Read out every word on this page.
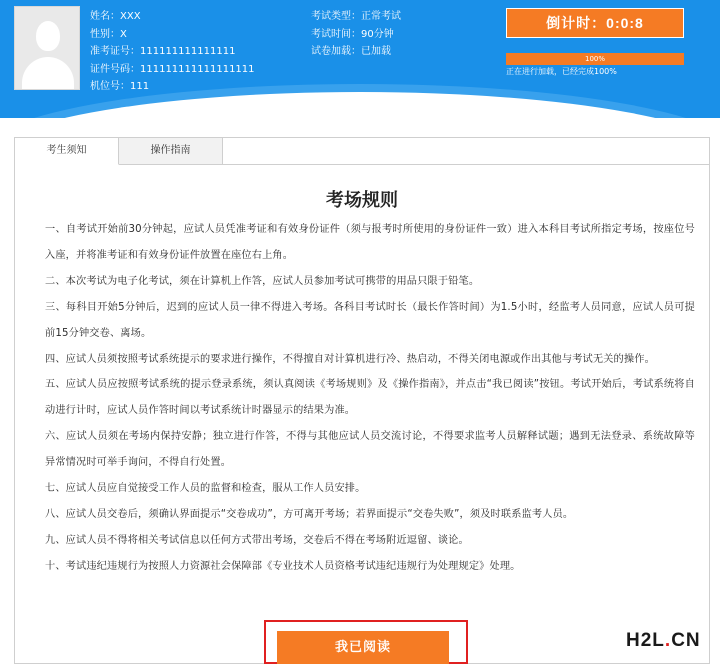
姓名：XXX
性别：X
准考证号：111111111111111
证件号码：111111111111111111
机位号：111
考试类型：正常考试
考试时间：90分钟
试卷加载：已加载
倒计时：0:0:8
100%
正在进行加载，已经完成100%
考生须知	操作指南
考场规则

一、自考试开始前30分钟起，应试人员凭准考证和有效身份证件（须与报考时所使用的身份证件一致）进入本科目考试所指定考场，按座位号入座，并将准考证和有效身份证件放置在座位右上角。

二、本次考试为电子化考试，须在计算机上作答，应试人员参加考试可携带的用品只限于铅笔。

三、每科目开始5分钟后，迟到的应试人员一律不得进入考场。各科目考试时长（最长作答时间）为1.5小时，经监考人员同意，应试人员可提前15分钟交卷、离场。

四、应试人员须按照考试系统提示的要求进行操作，不得擅自对计算机进行冷、热启动，不得关闭电源或作出其他与考试无关的操作。

五、应试人员应按照考试系统的提示登录系统，须认真阅读《考场规则》及《操作指南》，并点击“我已阅读”按钮。考试开始后，考试系统将自动进行计时，应试人员作答时间以考试系统计时器显示的结果为准。

六、应试人员须在考场内保持安静；独立进行作答，不得与其他应试人员交流讨论，不得要求监考人员解释试题；遇到无法登录、系统故障等异常情况时可举手询问，不得自行处置。

七、应试人员应自觉接受工作人员的监督和检查，服从工作人员安排。

八、应试人员交卷后，须确认界面提示“交卷成功”，方可离开考场；若界面提示“交卷失败”，须及时联系监考人员。

九、应试人员不得将相关考试信息以任何方式带出考场，交卷后不得在考场附近逗留、谈论。

十、考试违纪违规行为按照人力资源社会保障部《专业技术人员资格考试违纪违规行为处理规定》处理。

我已阅读	H2L.CN
